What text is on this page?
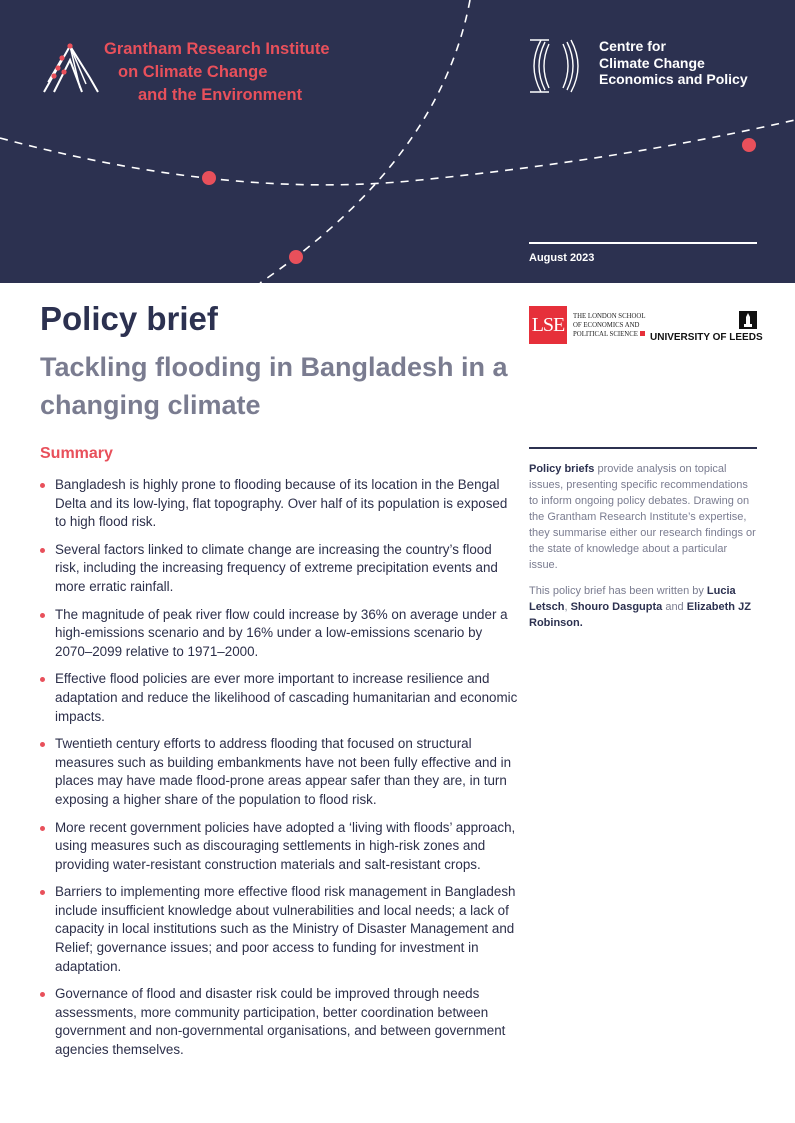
Grantham Research Institute
on Climate Change
and the Environment
Centre for
Climate Change
Economics and Policy
August 2023
Policy brief
Tackling flooding in Bangladesh in a changing climate
LSE	THE LONDON SCHOOL
OF ECONOMICS AND
POLITICAL SCIENCE	UNIVERSITY OF LEEDS
Summary
Bangladesh is highly prone to flooding because of its location in the Bengal Delta and its low-lying, flat topography. Over half of its population is exposed to high flood risk.
Several factors linked to climate change are increasing the country’s flood risk, including the increasing frequency of extreme precipitation events and more erratic rainfall.
The magnitude of peak river flow could increase by 36% on average under a high-emissions scenario and by 16% under a low-emissions scenario by 2070–2099 relative to 1971–2000.
Effective flood policies are ever more important to increase resilience and adaptation and reduce the likelihood of cascading humanitarian and economic impacts.
Twentieth century efforts to address flooding that focused on structural measures such as building embankments have not been fully effective and in places may have made flood-prone areas appear safer than they are, in turn exposing a higher share of the population to flood risk.
More recent government policies have adopted a ‘living with floods’ approach, using measures such as discouraging settlements in high-risk zones and providing water-resistant construction materials and salt-resistant crops.
Barriers to implementing more effective flood risk management in Bangladesh include insufficient knowledge about vulnerabilities and local needs; a lack of capacity in local institutions such as the Ministry of Disaster Management and Relief; governance issues; and poor access to funding for investment in adaptation.
Governance of flood and disaster risk could be improved through needs assessments, more community participation, better coordination between government and non-governmental organisations, and between government agencies themselves.

Policy briefs provide analysis on topical issues, presenting specific recommendations to inform ongoing policy debates. Drawing on the Grantham Research Institute’s expertise, they summarise either our research findings or the state of knowledge about a particular issue.

This policy brief has been written by Lucia Letsch, Shouro Dasgupta and Elizabeth JZ Robinson.
